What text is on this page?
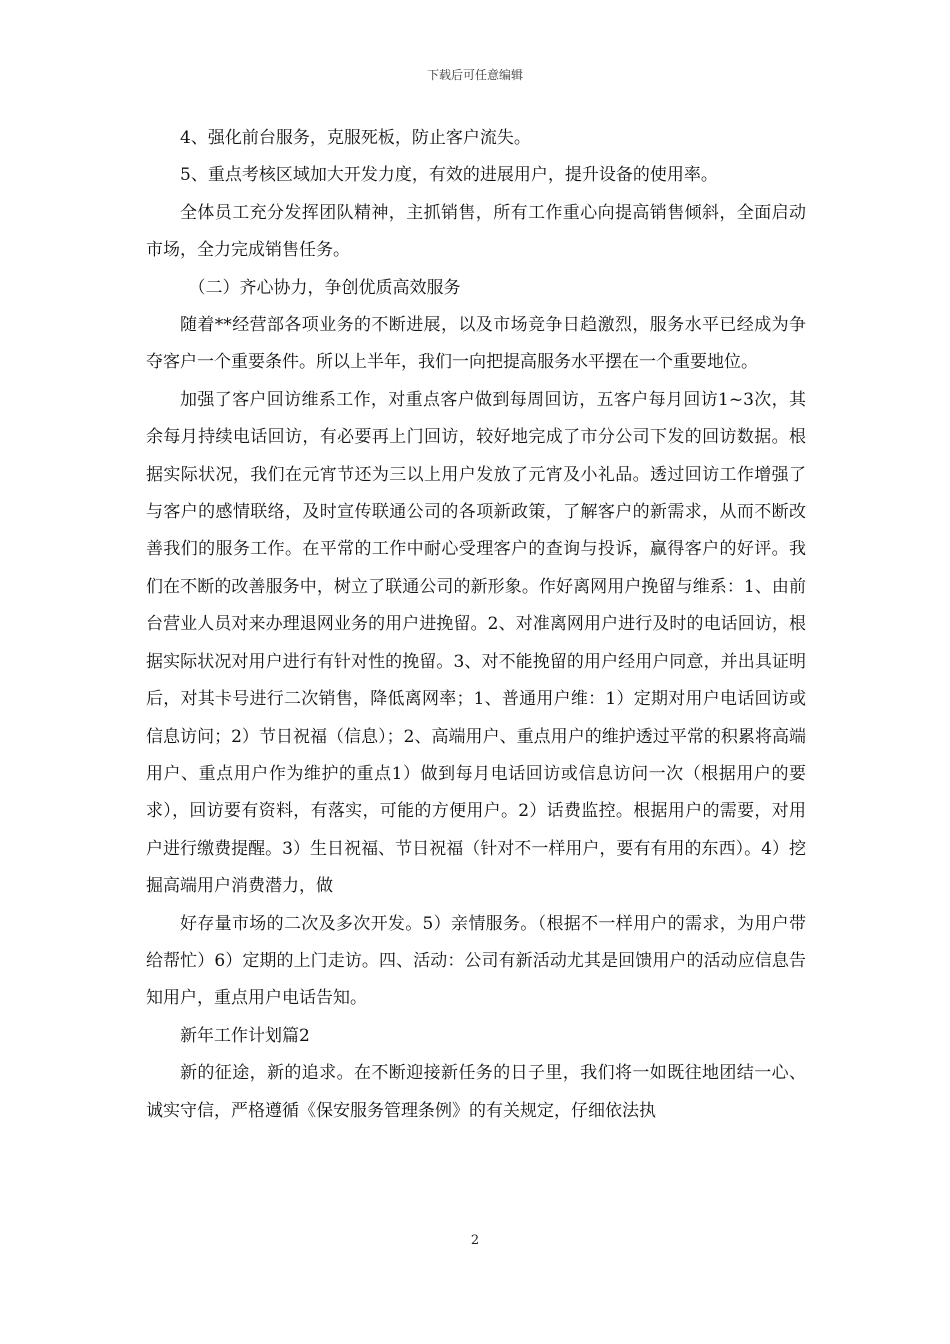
下载后可任意编辑

4、强化前台服务，克服死板，防止客户流失。

5、重点考核区域加大开发力度，有效的进展用户，提升设备的使用率。

全体员工充分发挥团队精神，主抓销售，所有工作重心向提高销售倾斜，全面启动市场，全力完成销售任务。

（二）齐心协力，争创优质高效服务

随着**经营部各项业务的不断进展，以及市场竞争日趋激烈，服务水平已经成为争夺客户一个重要条件。所以上半年，我们一向把提高服务水平摆在一个重要地位。

加强了客户回访维系工作，对重点客户做到每周回访，五客户每月回访1~3次，其余每月持续电话回访，有必要再上门回访，较好地完成了市分公司下发的回访数据。根据实际状况，我们在元宵节还为三以上用户发放了元宵及小礼品。透过回访工作增强了与客户的感情联络，及时宣传联通公司的各项新政策，了解客户的新需求，从而不断改善我们的服务工作。在平常的工作中耐心受理客户的查询与投诉，赢得客户的好评。我们在不断的改善服务中，树立了联通公司的新形象。作好离网用户挽留与维系：1、由前台营业人员对来办理退网业务的用户进挽留。2、对准离网用户进行及时的电话回访，根据实际状况对用户进行有针对性的挽留。3、对不能挽留的用户经用户同意，并出具证明后，对其卡号进行二次销售，降低离网率；1、普通用户维：1）定期对用户电话回访或信息访问；2）节日祝福（信息）；2、高端用户、重点用户的维护透过平常的积累将高端用户、重点用户作为维护的重点1）做到每月电话回访或信息访问一次（根据用户的要求），回访要有资料，有落实，可能的方便用户。2）话费监控。根据用户的需要，对用户进行缴费提醒。3）生日祝福、节日祝福（针对不一样用户，要有有用的东西）。4）挖掘高端用户消费潜力，做

好存量市场的二次及多次开发。5）亲情服务。（根据不一样用户的需求，为用户带给帮忙）6）定期的上门走访。四、活动：公司有新活动尤其是回馈用户的活动应信息告知用户，重点用户电话告知。

新年工作计划篇2

新的征途，新的追求。在不断迎接新任务的日子里，我们将一如既往地团结一心、诚实守信，严格遵循《保安服务管理条例》的有关规定，仔细依法执

2
